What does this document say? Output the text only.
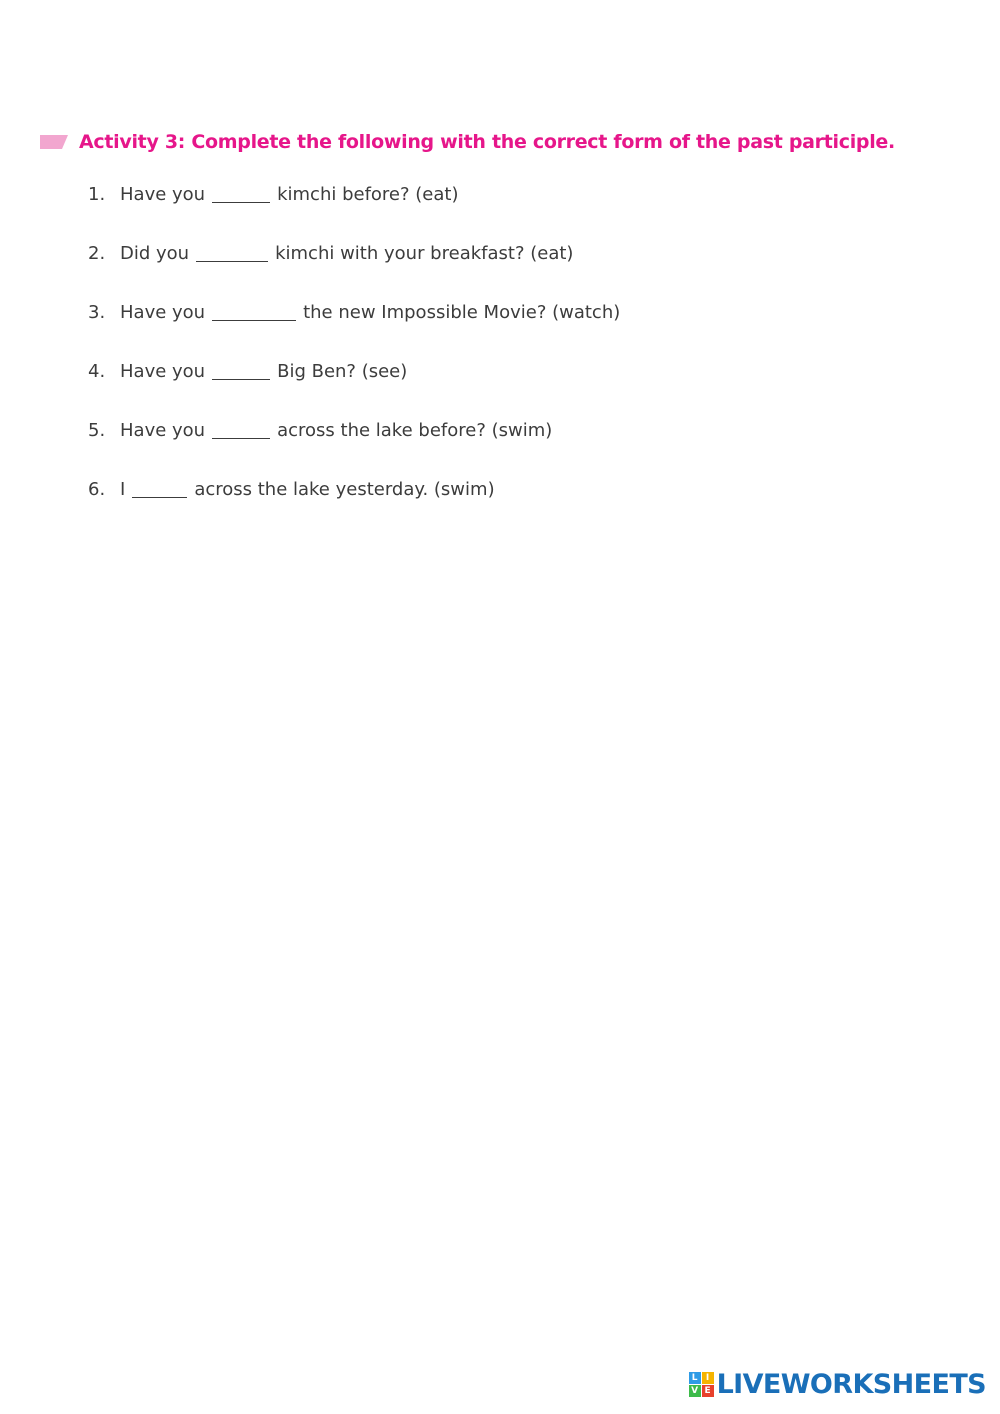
Activity 3: Complete the following with the correct form of the past participle.
1. Have you	kimchi before? (eat)
2. Did you	kimchi with your breakfast? (eat)
3. Have you	the new Impossible Movie? (watch)
4. Have you	Big Ben? (see)
5. Have you	across the lake before? (swim)
6. I	across the lake yesterday. (swim)
L I
V E LIVEWORKSHEETS
